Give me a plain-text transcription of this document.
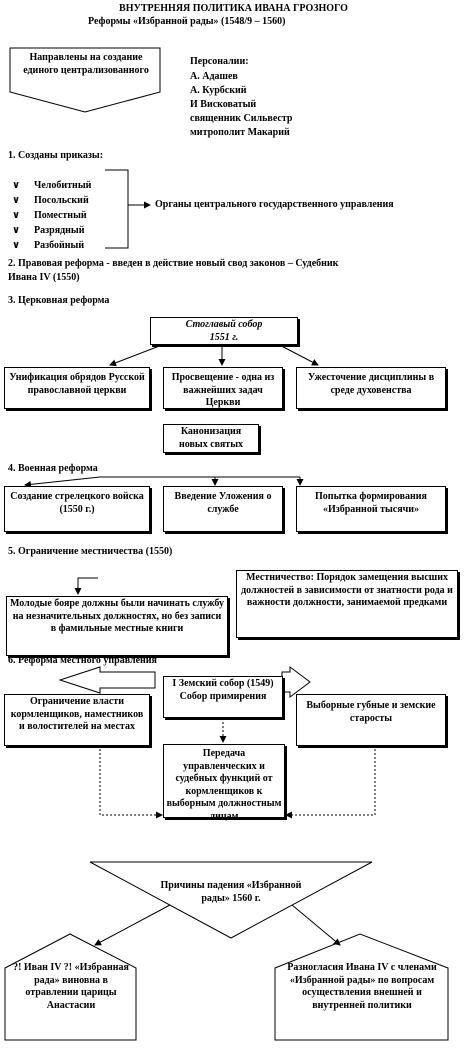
ВНУТРЕННЯЯ ПОЛИТИКА ИВАНА ГРОЗНОГО
Реформы «Избранной рады» (1548/9 – 1560)
Направлены на создание единого централизованного
Персоналии:
А. Адашев
А. Курбский
И Висковатый
священник Сильвестр
митрополит Макарий
1. Созданы приказы:
∨ Челобитный
∨ Посольский
∨ Поместный
∨ Разрядный
∨ Разбойный
Органы центрального государственного управления
2. Правовая реформа - введен в действие новый свод законов – Судебник
Ивана IV (1550)
3. Церковная реформа
Стоглавый собор
1551 г.
Унификация обрядов Русской православной церкви
Просвещение - одна из важнейших задач Церкви
Ужесточение дисциплины в среде духовенства
Канонизация новых святых
4. Военная реформа
Создание стрелецкого войска (1550 г.)
Введение Уложения о службе
Попытка формирования «Избранной тысячи»
5. Ограничение местничества (1550)
Молодые бояре должны были начинать службу на незначительных должностях, но без записи в фамильные местные книги
Местничество: Порядок замещения высших должностей в зависимости от знатности рода и важности должности, занимаемой предками
6. Реформа местного управления
I Земский собор (1549) Собор примирения
Ограничение власти кормленщиков, наместников и волостителей на местах
Выборные губные и земские старосты
Передача управленческих и судебных функций от кормленщиков к выборным должностным лицам
Причины падения «Избранной рады» 1560 г.
?! Иван IV ?! «Избранная рада» виновна в отравлении царицы Анастасии
Разногласия Ивана IV с членами «Избранной рады» по вопросам осуществления внешней и внутренней политики
